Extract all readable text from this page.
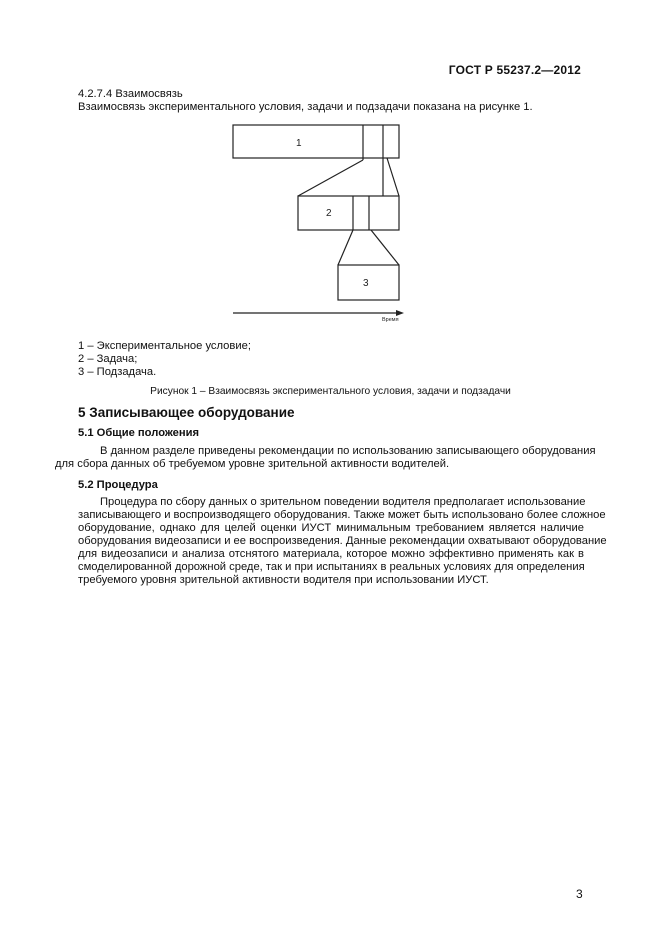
ГОСТ Р 55237.2—2012
4.2.7.4 Взаимосвязь
Взаимосвязь экспериментального условия, задачи и подзадачи показана на рисунке 1.
1
2
3
Время
1 – Экспериментальное условие;
2 – Задача;
3 – Подзадача.
Рисунок 1 – Взаимосвязь экспериментального условия, задачи и подзадачи
5 Записывающее оборудование
5.1 Общие положения
В данном разделе приведены рекомендации по использованию записывающего оборудования
для сбора данных об требуемом уровне зрительной активности водителей.
5.2 Процедура
Процедура по сбору данных о зрительном поведении водителя предполагает использование
записывающего и воспроизводящего оборудования. Также может быть использовано более сложное
оборудование, однако для целей оценки ИУСТ минимальным требованием является наличие
оборудования видеозаписи и ее воспроизведения. Данные рекомендации охватывают оборудование
для видеозаписи и анализа отснятого материала, которое можно эффективно применять как в
смоделированной дорожной среде, так и при испытаниях в реальных условиях для определения
требуемого уровня зрительной активности водителя при использовании ИУСТ.
3
